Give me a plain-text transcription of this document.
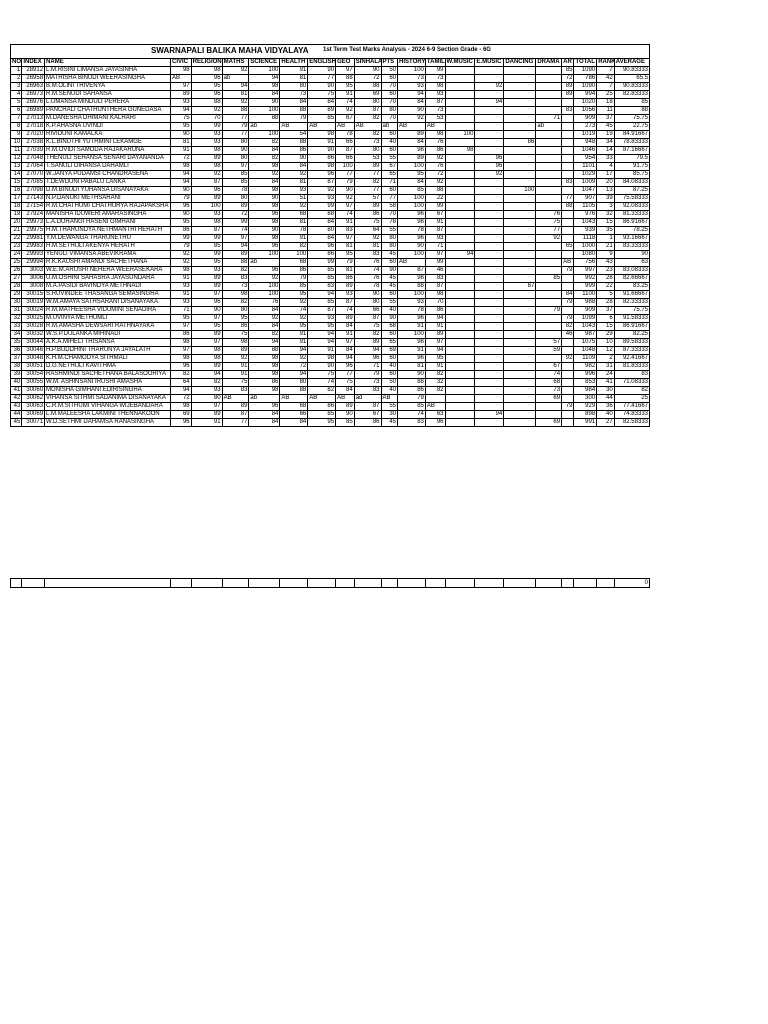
SWARNAPALI BALIKA MAHA VIDYALAYA 1st Term Test Marks Analysis - 2024 6-9 Section Grade - 6G
NO	INDEX	NAME	CIVIC	RELIGION	MATHS	SCIENCE	HEALTH	ENGLISH	GEO	SINHALA	PTS	HISTORY	TAMIL	W.MUSIC	E.MUSIC	DANCING	DRAMA	ART	TOTAL	RANK	AVERAGE
1	28912	L.M.RISINI LIMANSA JAYASINHA	98	98	92	100	91	90	97	90	50	100	99					85	1090	7	90.83333
2	26958	MATHISHA BINUDI WEERASINGHA	AB	96	ab	94	81	77	88	72	60	73	73					72	786	42	65.5
3	26963	B.M.OLINI THIVENYA	97	95	94	98	80	90	95	88	70	93	98		92			89	1090	7	90.83333
4	26973	R.M.SENUDI SAHANSA	89	96	81	84	73	75	91	69	60	94	93					89	994	25	82.83333
5	26976	L.UMANSA MINDULI PERERA	93	88	92	90	84	84	74	80	70	84	87		94				1020	18	85
6	26989	PANCHALI CHATHUNTHERA GUNEDASA	94	92	88	100	88	89	92	87	80	90	73					83	1056	11	88
7	27013	M.DANESHA DHIMANI KALHARI	75	70	77	88	79	85	67	82	70	92	53				71		909	37	75.75
8	27018	K.P.AHASNA UVINDI	95	99	79	ab	AB	AB	AB	AB	ab	AB	AB				ab		273	45	22.75
9	27020	RIVIDUNI KAMALKA	90	93	77	100	54	98	78	82	60	89	98	100					1019	19	84.91667
10	27038	K.L.BINUTHI YUTHMINI LEKAMGE	81	93	80	82	88	91	66	73	40	84	76			86			948	34	78.83333
11	27039	R.M.OVIDI SAMODA RAJAKARUNA	91	98	90	84	86	90	87	80	60	98	86	98					1046	14	87.16667
12	27048	THENULI SEHANSA SENARI DAYANANDA	72	89	80	82	90	86	66	53	55	89	92		96				954	33	79.5
13	27064	T.SANULI DIHANSA DAHAMLI	98	98	97	98	84	98	100	89	67	100	76		96				1101	4	91.75
14	27070	W.JANYA PUDAMSI CHANDRASENA	94	92	85	92	92	96	77	77	65	95	72		92				1029	17	85.75
15	27085	T.DEWDUNI PABALU LANKA	94	87	85	84	81	87	79	82	71	84	92					83	1009	20	84.08333
16	27098	D.M.BINUDI YUHANSA DISANAYAKA	90	96	78	98	93	92	90	77	60	85	88			100			1047	13	87.25
17	27143	N.P.DANUKI METHSARANI	79	89	80	90	51	93	92	57	77	100	22					77	907	39	75.58333
18	27154	R.M.CHATHUMI CHATHURYA RAJAPAKSHA	96	100	89	98	92	99	97	89	58	100	99					88	1105	3	92.08333
19	27924	MANISHA IDUWERI AMARASINGHA	90	93	72	96	68	88	74	86	70	96	67				76		976	32	81.33333
20	29973	L.A.DURANGI HASENI GIMHANI	95	98	99	98	81	84	91	75	78	98	91				75		1043	15	86.91667
21	29975	H.M.THARUNDYA NETHMANTHI HERATH	86	87	74	90	78	80	83	64	55	78	87				77		939	35	78.25
22	29981	Y.M.DEWANGA THARUNETHU	99	99	97	98	91	84	97	92	80	96	93				92		1118	1	93.16667
23	29983	H.M.SETHULI AKENYA HERATH	79	85	94	96	82	96	81	81	80	90	71					65	1000	21	83.33333
24	29993	YENULI VIMANSA ABEVIKRAMA	92	99	89	100	100	86	95	83	45	100	97	94					1080	9	90
25	29994	R.K.KAUSHI AMANDI SACHETHANA	92	95	88	ab	68	99	79	76	60	AB	99					AB	756	43	63
26	3003	W.E.M.ARUSHI NEHERA WEERASEKARA	98	93	82	96	86	85	81	74	90	87	46					79	997	23	83.08333
27	3006	U.M.OSHINI SAHASRA JAYASUNDARA	91	89	83	92	79	85	86	76	45	98	83				85		992	26	82.66667
28	3008	M.A.PASIDI BAVINDYA METHNADI	93	89	73	100	85	83	89	78	45	88	87			87			999	22	83.25
29	30015	S.RUVINDEE THASANGA SEMASINGHA	91	97	98	100	95	94	93	90	60	100	98					84	1100	5	91.66667
30	30019	W.M.AMAYA SATHSARANI DISANAYAKA	93	96	82	76	92	85	87	80	55	93	70					79	988	28	82.33333
31	30024	R.M.MATHEESHA VIDUMINI SENADIRA	71	90	80	84	74	87	74	66	40	78	86				79		909	37	75.75
32	30025	M.UVINYA METHUMLI	95	97	95	92	92	93	89	87	90	96	94					79	1099	6	91.58333
33	30028	R.M.AMASHA DEWSARI RATHNAYAKA	97	95	86	84	95	95	84	75	68	91	91					82	1043	15	86.91667
34	30032	W.S.P.DULANKA MIHINADI	86	89	75	82	91	94	91	82	60	100	89					46	987	29	82.25
35	30044	A.K.A.MIHELI THISANSA	98	97	98	94	91	94	97	89	65	98	97				57		1075	10	89.58333
36	30046	H.P.BUDDHINI THARUNYA JAYALATH	97	98	89	88	94	91	84	94	69	91	94				59		1048	12	87.33333
37	30048	K.H.M.CHAMODYA SITHMALI	98	98	92	98	92	98	94	96	60	96	95					92	1109	2	92.41667
38	30051	D.G.NETHULI KAVITHMA	96	89	91	98	72	90	96	71	40	81	91				67		982	31	81.83333
39	30054	RASHMINDI SACHETHANA BALASOORIYA	82	94	91	98	94	75	77	79	60	90	82				74		996	24	83
40	30055	W.M. ASHINSANI IRUSHI AMASHA	64	82	75	86	80	74	75	73	50	88	32				68		853	41	71.08333
41	30060	MONISHA GIMHANI EDIRISINGHA	94	93	83	98	88	82	84	83	40	86	82				73		984	30	82
42	30062	VIHANSA SITHMI SADANIMA DISANAYAKA	72	80	AB	ab	AB	AB	AB	ad	AB	79					69		300	44	25
43	30063	C.R.M.SITHUMI VIHANGA WIJEBANDARA	98	97	89	96	68	86	89	87	55	85	AB					79	929	36	77.41667
44	30069	L.M.MALEESHA LAKMINI THENNAKOON	69	89	87	84	66	85	90	67	30	74	63		94				898	40	74.83333
45	30071	W.D.SETHMI DAHAMSA RANASINGHA	96	91	77	84	84	95	85	86	45	83	96				69		991	27	82.58333
																					0
